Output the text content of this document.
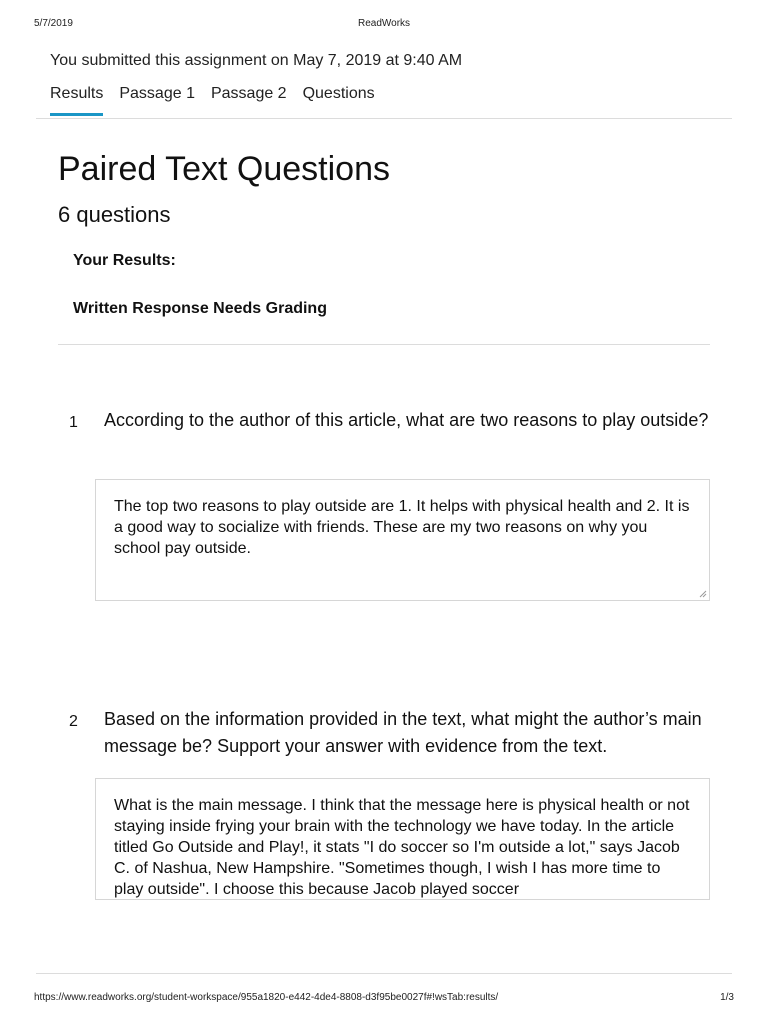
5/7/2019	ReadWorks
You submitted this assignment on May 7, 2019 at 9:40 AM
Results Passage 1 Passage 2 Questions
Paired Text Questions
6 questions
Your Results:
Written Response Needs Grading
1 According to the author of this article, what are two reasons to play outside?
The top two reasons to play outside are 1. It helps with physical health and 2. It is a good way to socialize with friends. These are my two reasons on why you school pay outside.
2 Based on the information provided in the text, what might the author’s main message be? Support your answer with evidence from the text.
What is the main message. I think that the message here is physical health or not staying inside frying your brain with the technology we have today. In the article titled Go Outside and Play!, it stats "I do soccer so I'm outside a lot," says Jacob C. of Nashua, New Hampshire. "Sometimes though, I wish I has more time to play outside". I choose this because Jacob played soccer
https://www.readworks.org/student-workspace/955a1820-e442-4de4-8808-d3f95be0027f#!wsTab:results/	1/3
